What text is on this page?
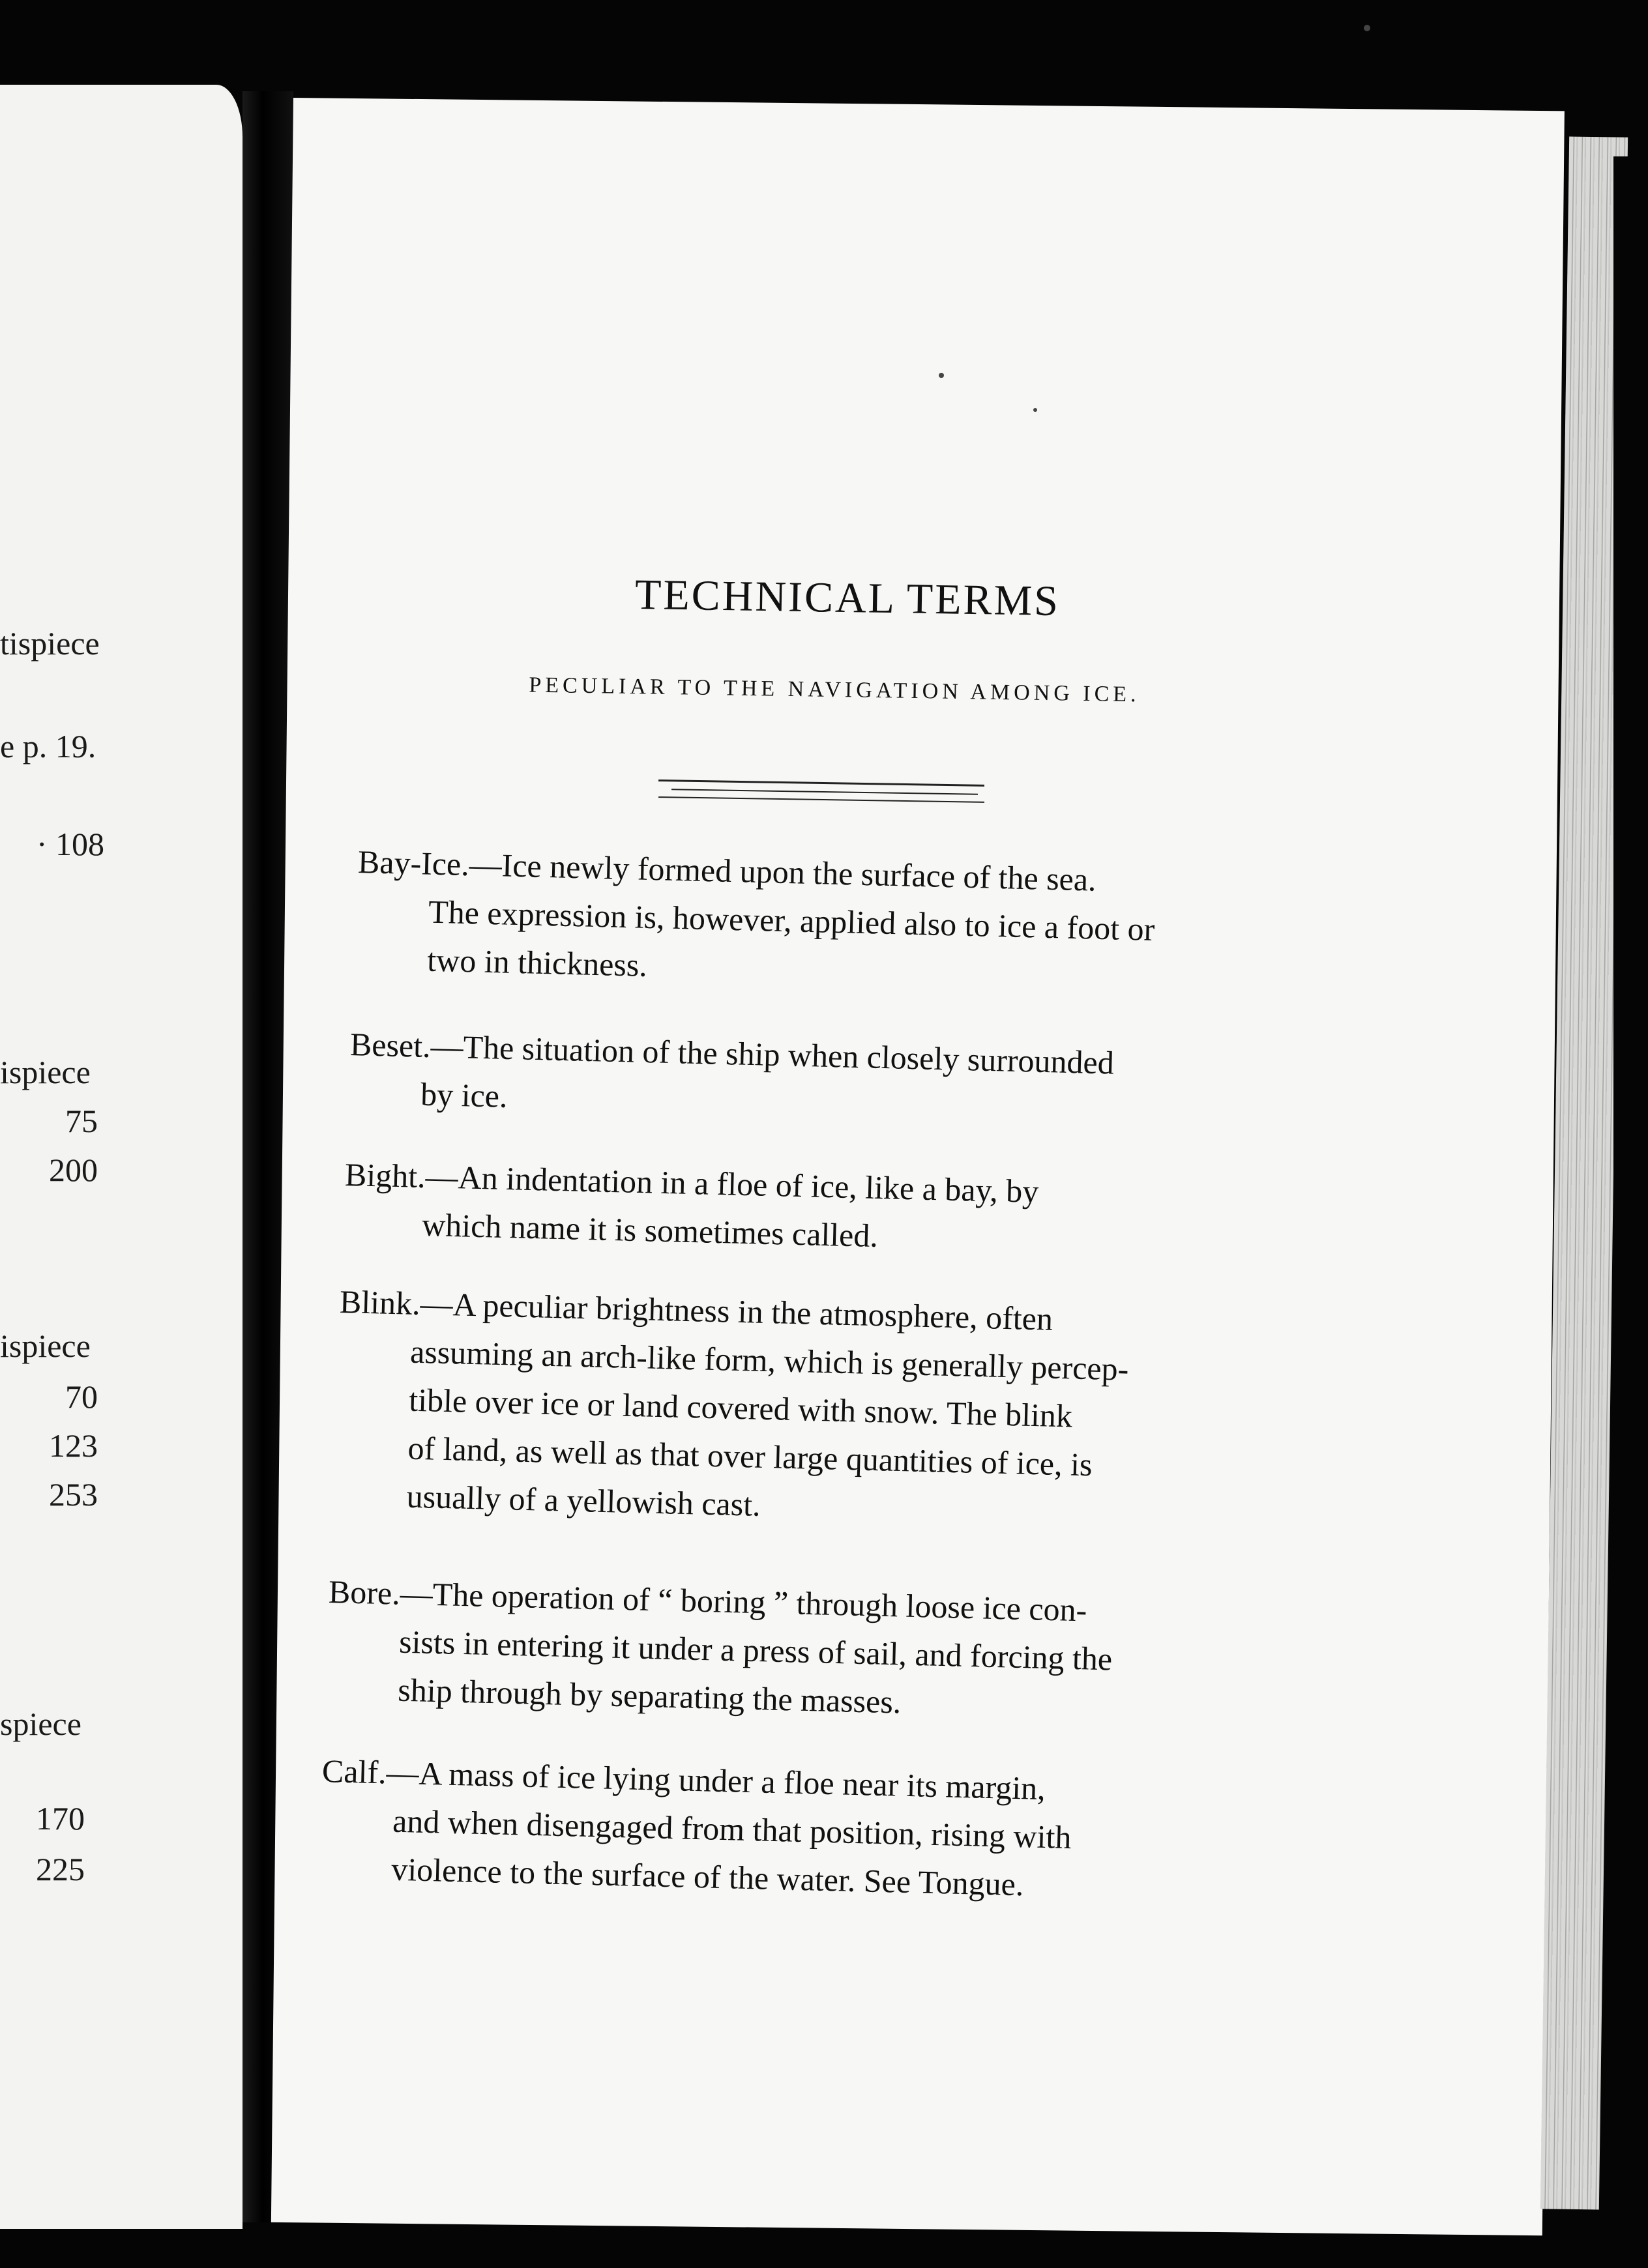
tispiece
e p. 19.
· 108
ispiece
75
200
ispiece
70
123
253
spiece
170
225
TECHNICAL TERMS
PECULIAR TO THE NAVIGATION AMONG ICE.
Bay-Ice.—Ice newly formed upon the surface of the sea.
The expression is, however, applied also to ice a foot or
two in thickness.
Beset.—The situation of the ship when closely surrounded
by ice.
Bight.—An indentation in a floe of ice, like a bay, by
which name it is sometimes called.
Blink.—A peculiar brightness in the atmosphere, often
assuming an arch-like form, which is generally percep-
tible over ice or land covered with snow. The blink
of land, as well as that over large quantities of ice, is
usually of a yellowish cast.
Bore.—The operation of “ boring ” through loose ice con-
sists in entering it under a press of sail, and forcing the
ship through by separating the masses.
Calf.—A mass of ice lying under a floe near its margin,
and when disengaged from that position, rising with
violence to the surface of the water. See Tongue.
